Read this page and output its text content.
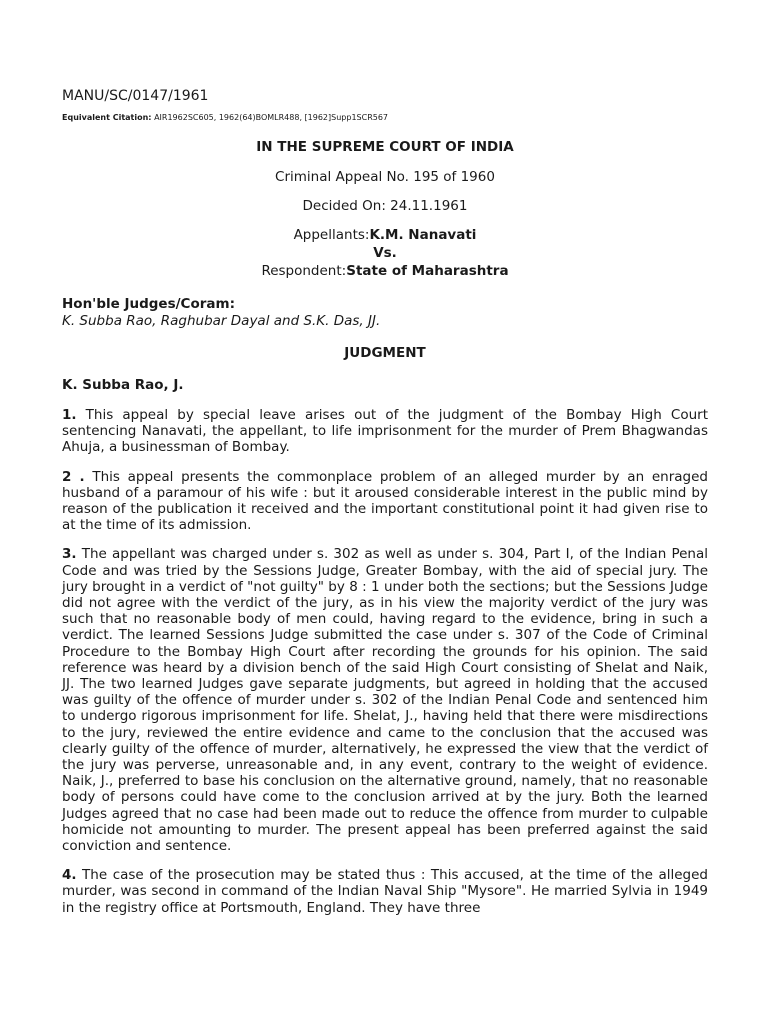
MANU/SC/0147/1961

Equivalent Citation: AIR1962SC605, 1962(64)BOMLR488, [1962]Supp1SCR567

IN THE SUPREME COURT OF INDIA
Criminal Appeal No. 195 of 1960
Decided On: 24.11.1961
Appellants:K.M. Nanavati
Vs.
Respondent:State of Maharashtra
Hon'ble Judges/Coram:
K. Subba Rao, Raghubar Dayal and S.K. Das, JJ.
JUDGMENT
K. Subba Rao, J.

1. This appeal by special leave arises out of the judgment of the Bombay High Court sentencing Nanavati, the appellant, to life imprisonment for the murder of Prem Bhagwandas Ahuja, a businessman of Bombay.

2 . This appeal presents the commonplace problem of an alleged murder by an enraged husband of a paramour of his wife : but it aroused considerable interest in the public mind by reason of the publication it received and the important constitutional point it had given rise to at the time of its admission.

3. The appellant was charged under s. 302 as well as under s. 304, Part I, of the Indian Penal Code and was tried by the Sessions Judge, Greater Bombay, with the aid of special jury. The jury brought in a verdict of "not guilty" by 8 : 1 under both the sections; but the Sessions Judge did not agree with the verdict of the jury, as in his view the majority verdict of the jury was such that no reasonable body of men could, having regard to the evidence, bring in such a verdict. The learned Sessions Judge submitted the case under s. 307 of the Code of Criminal Procedure to the Bombay High Court after recording the grounds for his opinion. The said reference was heard by a division bench of the said High Court consisting of Shelat and Naik, JJ. The two learned Judges gave separate judgments, but agreed in holding that the accused was guilty of the offence of murder under s. 302 of the Indian Penal Code and sentenced him to undergo rigorous imprisonment for life. Shelat, J., having held that there were misdirections to the jury, reviewed the entire evidence and came to the conclusion that the accused was clearly guilty of the offence of murder, alternatively, he expressed the view that the verdict of the jury was perverse, unreasonable and, in any event, contrary to the weight of evidence. Naik, J., preferred to base his conclusion on the alternative ground, namely, that no reasonable body of persons could have come to the conclusion arrived at by the jury. Both the learned Judges agreed that no case had been made out to reduce the offence from murder to culpable homicide not amounting to murder. The present appeal has been preferred against the said conviction and sentence.

4. The case of the prosecution may be stated thus : This accused, at the time of the alleged murder, was second in command of the Indian Naval Ship "Mysore". He married Sylvia in 1949 in the registry office at Portsmouth, England. They have three
